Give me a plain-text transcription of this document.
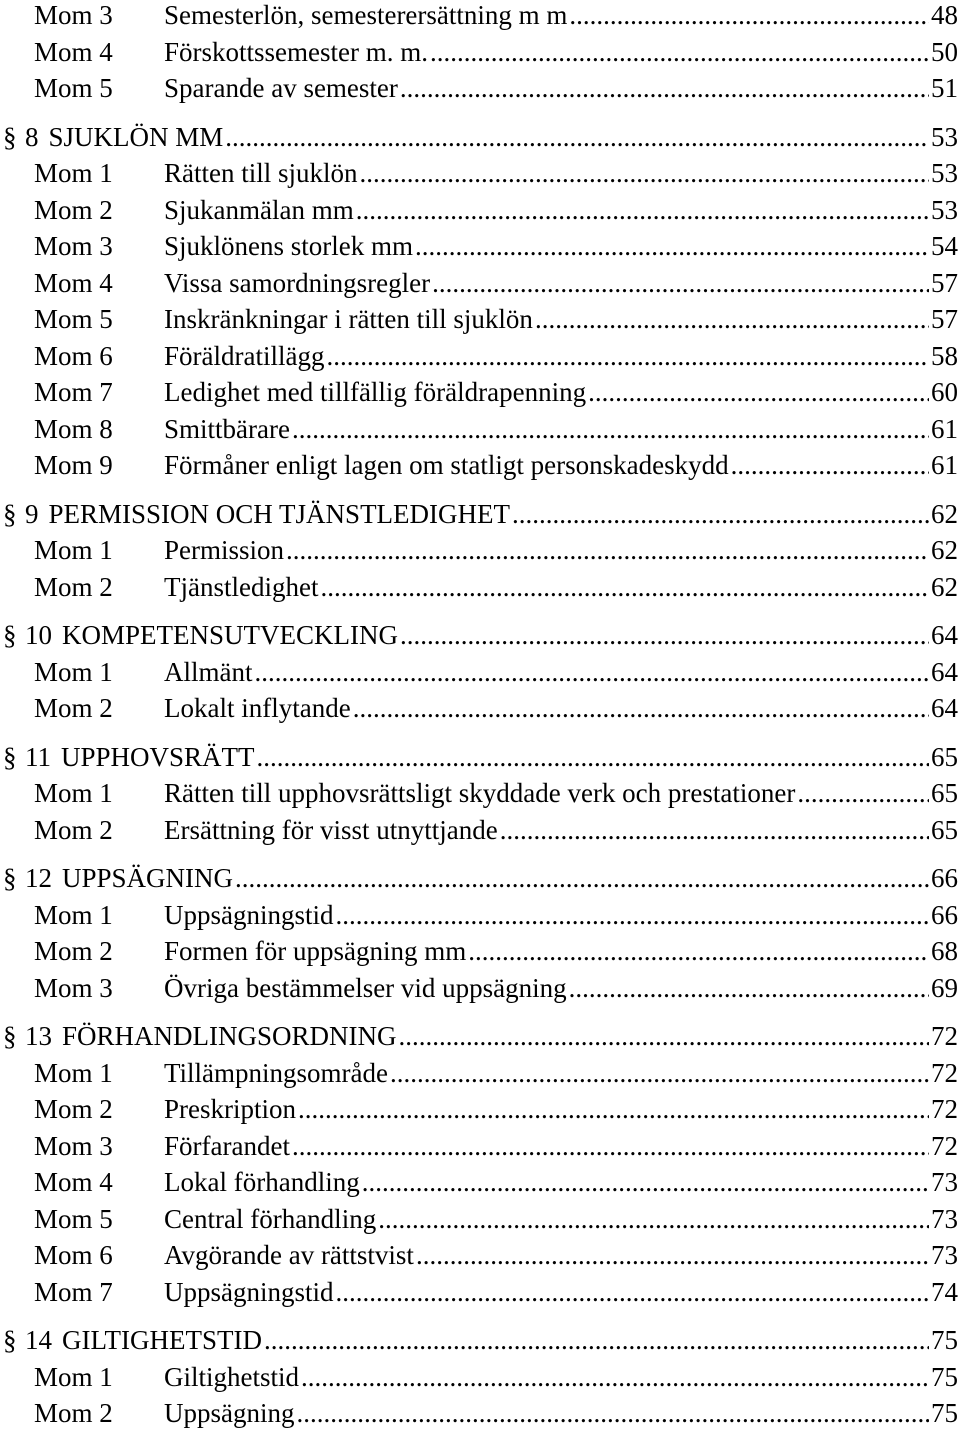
Mom 3	Semesterlön, semesterersättning m m .....	48
Mom 4	Förskottssemester m. m. .....	50
Mom 5	Sparande av semester .....	51
§ 8 SJUKLÖN MM .....	53
Mom 1	Rätten till sjuklön .....	53
Mom 2	Sjukanmälan mm .....	53
Mom 3	Sjuklönens storlek mm .....	54
Mom 4	Vissa samordningsregler .....	57
Mom 5	Inskränkningar i rätten till sjuklön .....	57
Mom 6	Föräldratillägg .....	58
Mom 7	Ledighet med tillfällig föräldrapenning .....	60
Mom 8	Smittbärare .....	61
Mom 9	Förmåner enligt lagen om statligt personskadeskydd .....	61
§ 9 PERMISSION OCH TJÄNSTLEDIGHET .....	62
Mom 1	Permission .....	62
Mom 2	Tjänstledighet .....	62
§ 10 KOMPETENSUTVECKLING .....	64
Mom 1	Allmänt .....	64
Mom 2	Lokalt inflytande .....	64
§ 11 UPPHOVSRÄTT .....	65
Mom 1	Rätten till upphovsrättsligt skyddade verk och prestationer .....	65
Mom 2	Ersättning för visst utnyttjande .....	65
§ 12 UPPSÄGNING .....	66
Mom 1	Uppsägningstid .....	66
Mom 2	Formen för uppsägning mm .....	68
Mom 3	Övriga bestämmelser vid uppsägning .....	69
§ 13 FÖRHANDLINGSORDNING .....	72
Mom 1	Tillämpningsområde .....	72
Mom 2	Preskription .....	72
Mom 3	Förfarandet .....	72
Mom 4	Lokal förhandling .....	73
Mom 5	Central förhandling .....	73
Mom 6	Avgörande av rättstvist .....	73
Mom 7	Uppsägningstid .....	74
§ 14 GILTIGHETSTID .....	75
Mom 1	Giltighetstid .....	75
Mom 2	Uppsägning .....	75
